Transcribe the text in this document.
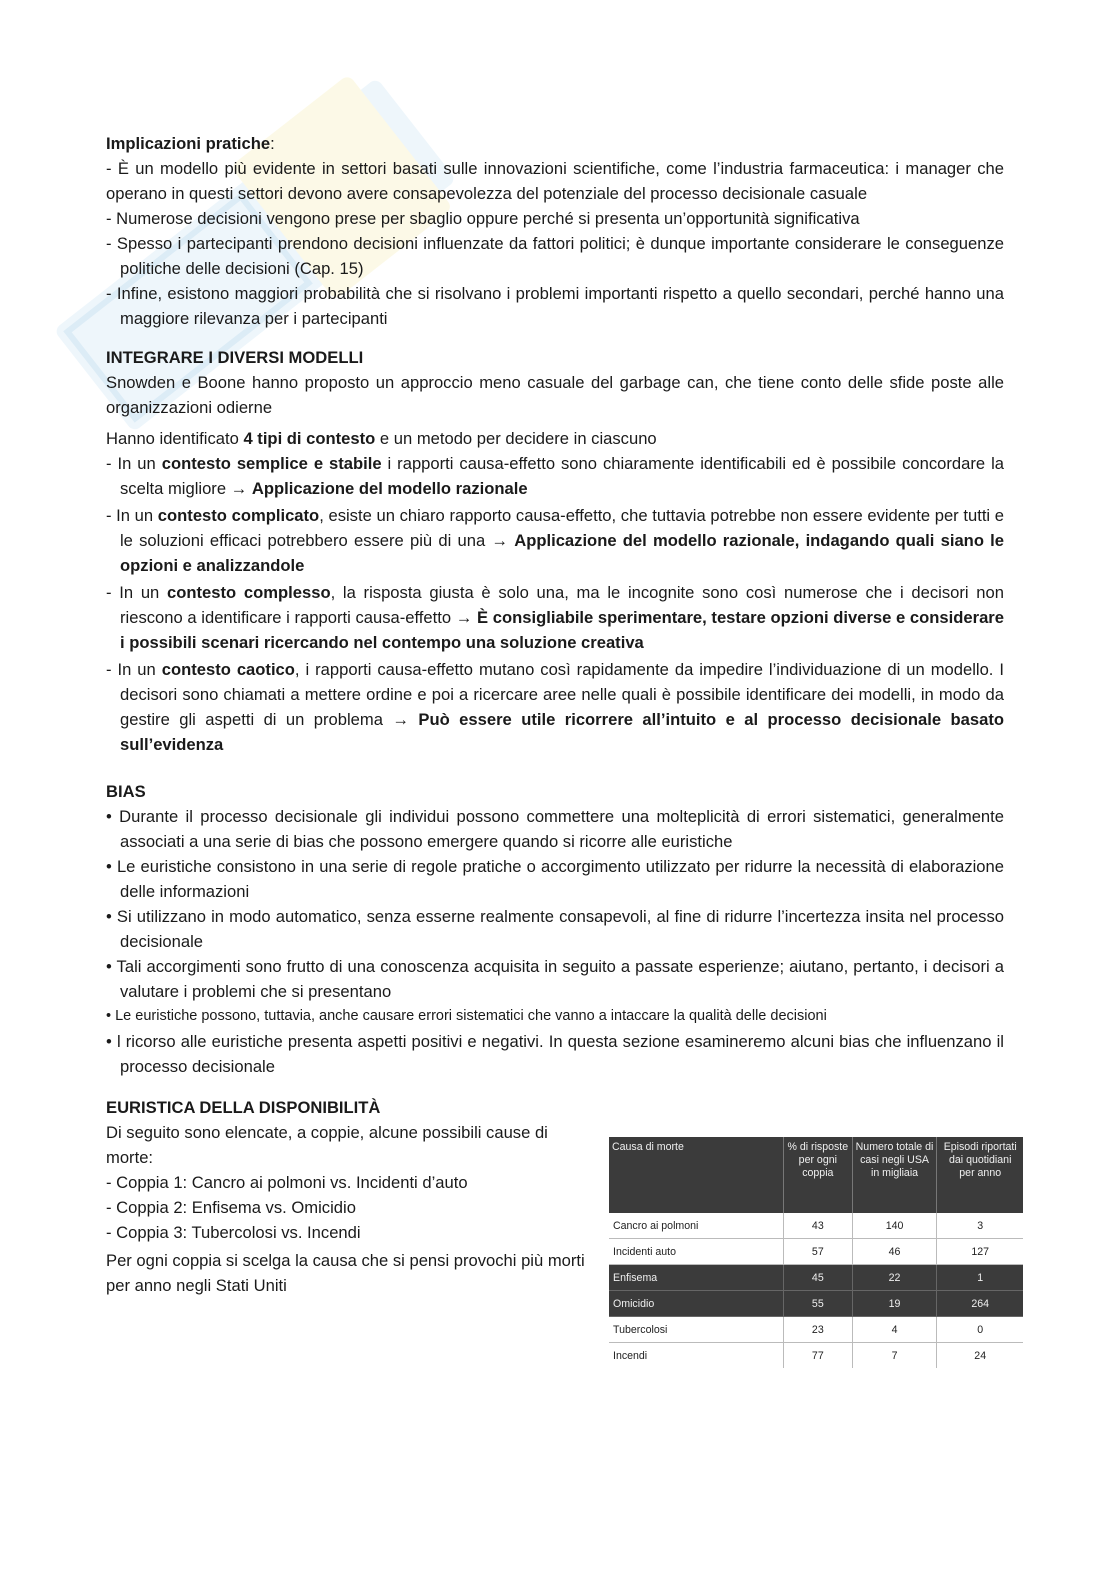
Implicazioni pratiche:

- È un modello più evidente in settori basati sulle innovazioni scientifiche, come l’industria farmaceutica: i manager che operano in questi settori devono avere consapevolezza del potenziale del processo decisionale casuale

- Numerose decisioni vengono prese per sbaglio oppure perché si presenta un’opportunità significativa

- Spesso i partecipanti prendono decisioni influenzate da fattori politici; è dunque importante considerare le conseguenze politiche delle decisioni (Cap. 15)

- Infine, esistono maggiori probabilità che si risolvano i problemi importanti rispetto a quello secondari, perché hanno una maggiore rilevanza per i partecipanti

INTEGRARE I DIVERSI MODELLI

Snowden e Boone hanno proposto un approccio meno casuale del garbage can, che tiene conto delle sfide poste alle organizzazioni odierne

Hanno identificato 4 tipi di contesto e un metodo per decidere in ciascuno

- In un contesto semplice e stabile i rapporti causa-effetto sono chiaramente identificabili ed è possibile concordare la scelta migliore → Applicazione del modello razionale

- In un contesto complicato, esiste un chiaro rapporto causa-effetto, che tuttavia potrebbe non essere evidente per tutti e le soluzioni efficaci potrebbero essere più di una → Applicazione del modello razionale, indagando quali siano le opzioni e analizzandole

- In un contesto complesso, la risposta giusta è solo una, ma le incognite sono così numerose che i decisori non riescono a identificare i rapporti causa-effetto → È consigliabile sperimentare, testare opzioni diverse e considerare i possibili scenari ricercando nel contempo una soluzione creativa

- In un contesto caotico, i rapporti causa-effetto mutano così rapidamente da impedire l’individuazione di un modello. I decisori sono chiamati a mettere ordine e poi a ricercare aree nelle quali è possibile identificare dei modelli, in modo da gestire gli aspetti di un problema → Può essere utile ricorrere all’intuito e al processo decisionale basato sull’evidenza

BIAS

• Durante il processo decisionale gli individui possono commettere una molteplicità di errori sistematici, generalmente associati a una serie di bias che possono emergere quando si ricorre alle euristiche

• Le euristiche consistono in una serie di regole pratiche o accorgimento utilizzato per ridurre la necessità di elaborazione delle informazioni

• Si utilizzano in modo automatico, senza esserne realmente consapevoli, al fine di ridurre l’incertezza insita nel processo decisionale

• Tali accorgimenti sono frutto di una conoscenza acquisita in seguito a passate esperienze; aiutano, pertanto, i decisori a valutare i problemi che si presentano

• Le euristiche possono, tuttavia, anche causare errori sistematici che vanno a intaccare la qualità delle decisioni

• l ricorso alle euristiche presenta aspetti positivi e negativi. In questa sezione esamineremo alcuni bias che influenzano il processo decisionale

EURISTICA DELLA DISPONIBILITÀ

Di seguito sono elencate, a coppie, alcune possibili cause di morte:

- Coppia 1: Cancro ai polmoni vs. Incidenti d’auto

- Coppia 2: Enfisema vs. Omicidio

- Coppia 3: Tubercolosi vs. Incendi

Per ogni coppia si scelga la causa che si pensi provochi più morti per anno negli Stati Uniti

Causa di morte	% di risposte per ogni coppia	Numero totale di casi negli USA in migliaia	Episodi riportati dai quotidiani per anno
Cancro ai polmoni	43	140	3
Incidenti auto	57	46	127
Enfisema	45	22	1
Omicidio	55	19	264
Tubercolosi	23	4	0
Incendi	77	7	24
